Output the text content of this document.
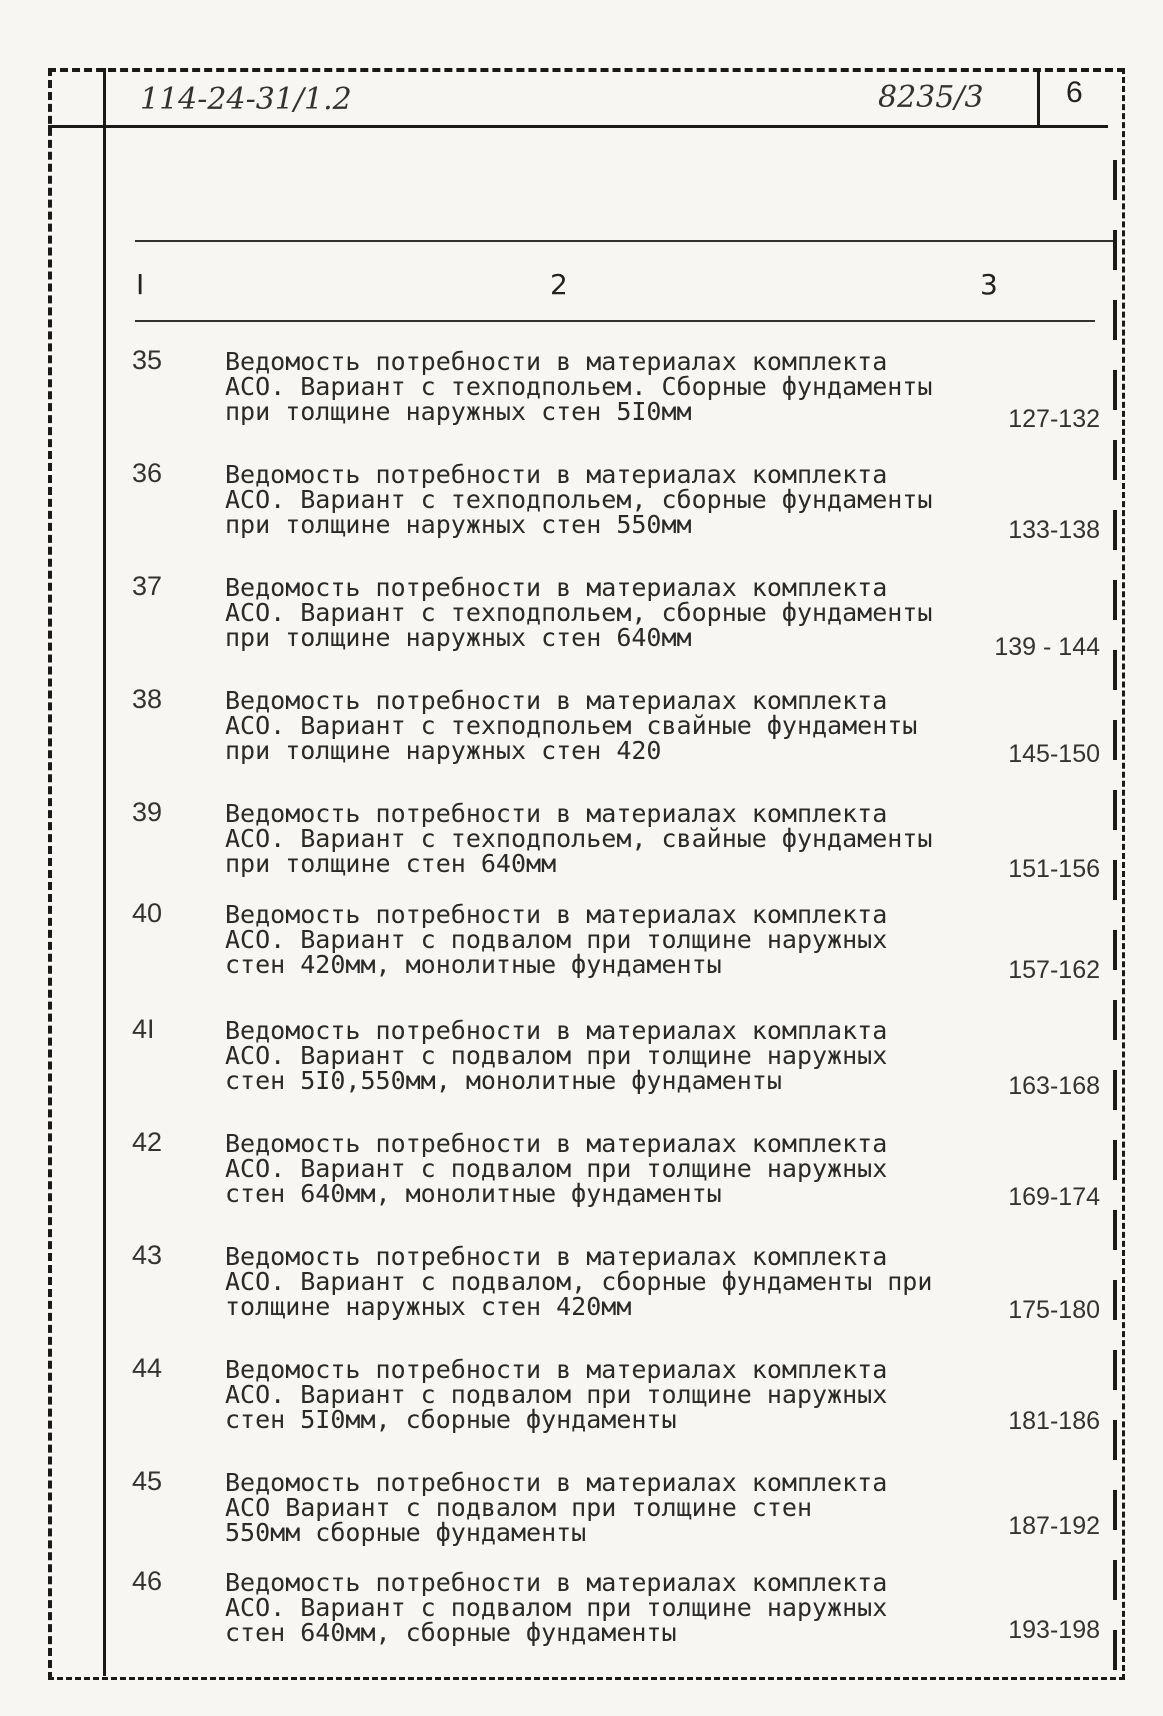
114-24-31/1.2	8235/3	6
I	2	3
35	Ведомость потребности в материалах комплекта
АСО. Вариант с техподпольем. Сборные фундаменты
при толщине наружных стен 5I0мм	127-132
36	Ведомость потребности в материалах комплекта
АСО. Вариант с техподпольем, сборные фундаменты
при толщине наружных стен 550мм	133-138
37	Ведомость потребности в материалах комплекта
АСО. Вариант с техподпольем, сборные фундаменты
при толщине наружных стен 640мм	139 - 144
38	Ведомость потребности в материалах комплекта
АСО. Вариант с техподпольем свайные фундаменты
при толщине наружных стен 420	145-150
39	Ведомость потребности в материалах комплекта
АСО. Вариант с техподпольем, свайные фундаменты
при толщине стен 640мм	151-156
40	Ведомость потребности в материалах комплекта
АСО. Вариант с подвалом при толщине наружных
стен 420мм, монолитные фундаменты	157-162
4I	Ведомость потребности в материалах комплакта
АСО. Вариант с подвалом при толщине наружных
стен 5I0,550мм, монолитные фундаменты	163-168
42	Ведомость потребности в материалах комплекта
АСО. Вариант с подвалом при толщине наружных
стен 640мм, монолитные фундаменты	169-174
43	Ведомость потребности в материалах комплекта
АСО. Вариант с подвалом, сборные фундаменты при
толщине наружных стен 420мм	175-180
44	Ведомость потребности в материалах комплекта
АСО. Вариант с подвалом при толщине наружных
стен 5I0мм, сборные фундаменты	181-186
45	Ведомость потребности в материалах комплекта
АСО Вариант с подвалом при толщине стен
550мм сборные фундаменты	187-192
46	Ведомость потребности в материалах комплекта
АСО. Вариант с подвалом при толщине наружных
стен 640мм, сборные фундаменты	193-198
